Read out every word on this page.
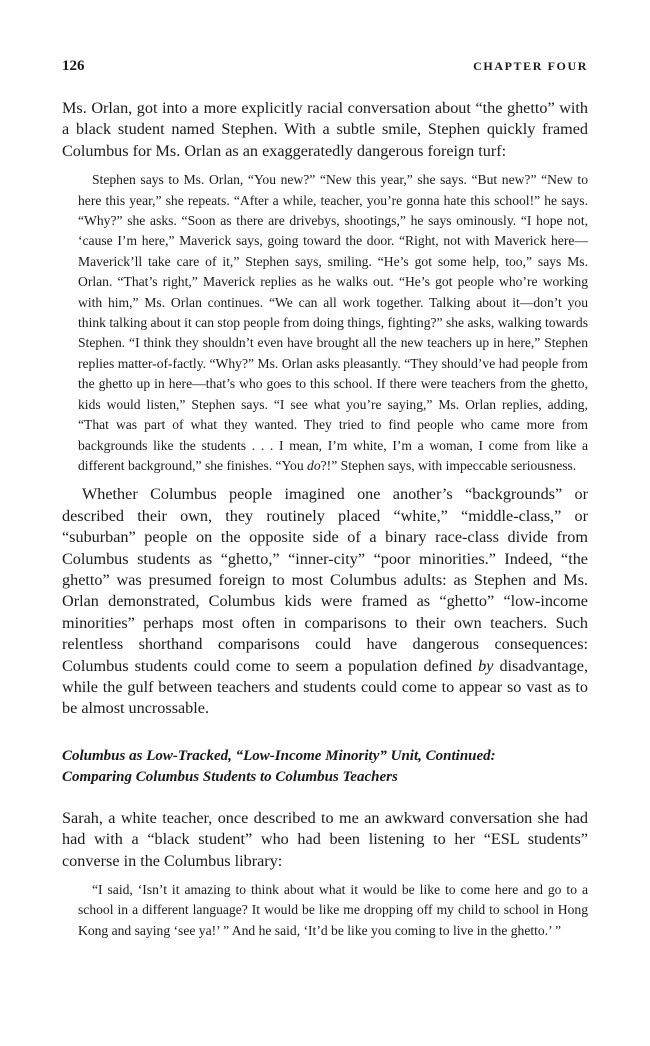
126	CHAPTER FOUR

Ms. Orlan, got into a more explicitly racial conversation about “the ghetto” with a black student named Stephen. With a subtle smile, Stephen quickly framed Columbus for Ms. Orlan as an exaggeratedly dangerous foreign turf:

Stephen says to Ms. Orlan, “You new?” “New this year,” she says. “But new?” “New to here this year,” she repeats. “After a while, teacher, you’re gonna hate this school!” he says. “Why?” she asks. “Soon as there are drivebys, shootings,” he says ominously. “I hope not, ‘cause I’m here,” Maverick says, going toward the door. “Right, not with Maverick here—Maverick’ll take care of it,” Stephen says, smiling. “He’s got some help, too,” says Ms. Orlan. “That’s right,” Maverick replies as he walks out. “He’s got people who’re working with him,” Ms. Orlan continues. “We can all work together. Talking about it—don’t you think talking about it can stop people from doing things, fighting?” she asks, walking towards Stephen. “I think they shouldn’t even have brought all the new teachers up in here,” Stephen replies matter-of-factly. “Why?” Ms. Orlan asks pleasantly. “They should’ve had people from the ghetto up in here—that’s who goes to this school. If there were teachers from the ghetto, kids would listen,” Stephen says. “I see what you’re saying,” Ms. Orlan replies, adding, “That was part of what they wanted. They tried to find people who came more from backgrounds like the students . . . I mean, I’m white, I’m a woman, I come from like a different background,” she finishes. “You do?!” Stephen says, with impeccable seriousness.

Whether Columbus people imagined one another’s “backgrounds” or described their own, they routinely placed “white,” “middle-class,” or “suburban” people on the opposite side of a binary race-class divide from Columbus students as “ghetto,” “inner-city” “poor minorities.” Indeed, “the ghetto” was presumed foreign to most Columbus adults: as Stephen and Ms. Orlan demonstrated, Columbus kids were framed as “ghetto” “low-income minorities” perhaps most often in comparisons to their own teachers. Such relentless shorthand comparisons could have dangerous consequences: Columbus students could come to seem a population defined by disadvantage, while the gulf between teachers and students could come to appear so vast as to be almost uncrossable.

Columbus as Low-Tracked, “Low-Income Minority” Unit, Continued:
Comparing Columbus Students to Columbus Teachers

Sarah, a white teacher, once described to me an awkward conversation she had had with a “black student” who had been listening to her “ESL students” converse in the Columbus library:

“I said, ‘Isn’t it amazing to think about what it would be like to come here and go to a school in a different language? It would be like me dropping off my child to school in Hong Kong and saying ‘see ya!’ ” And he said, ‘It’d be like you coming to live in the ghetto.’ ”
